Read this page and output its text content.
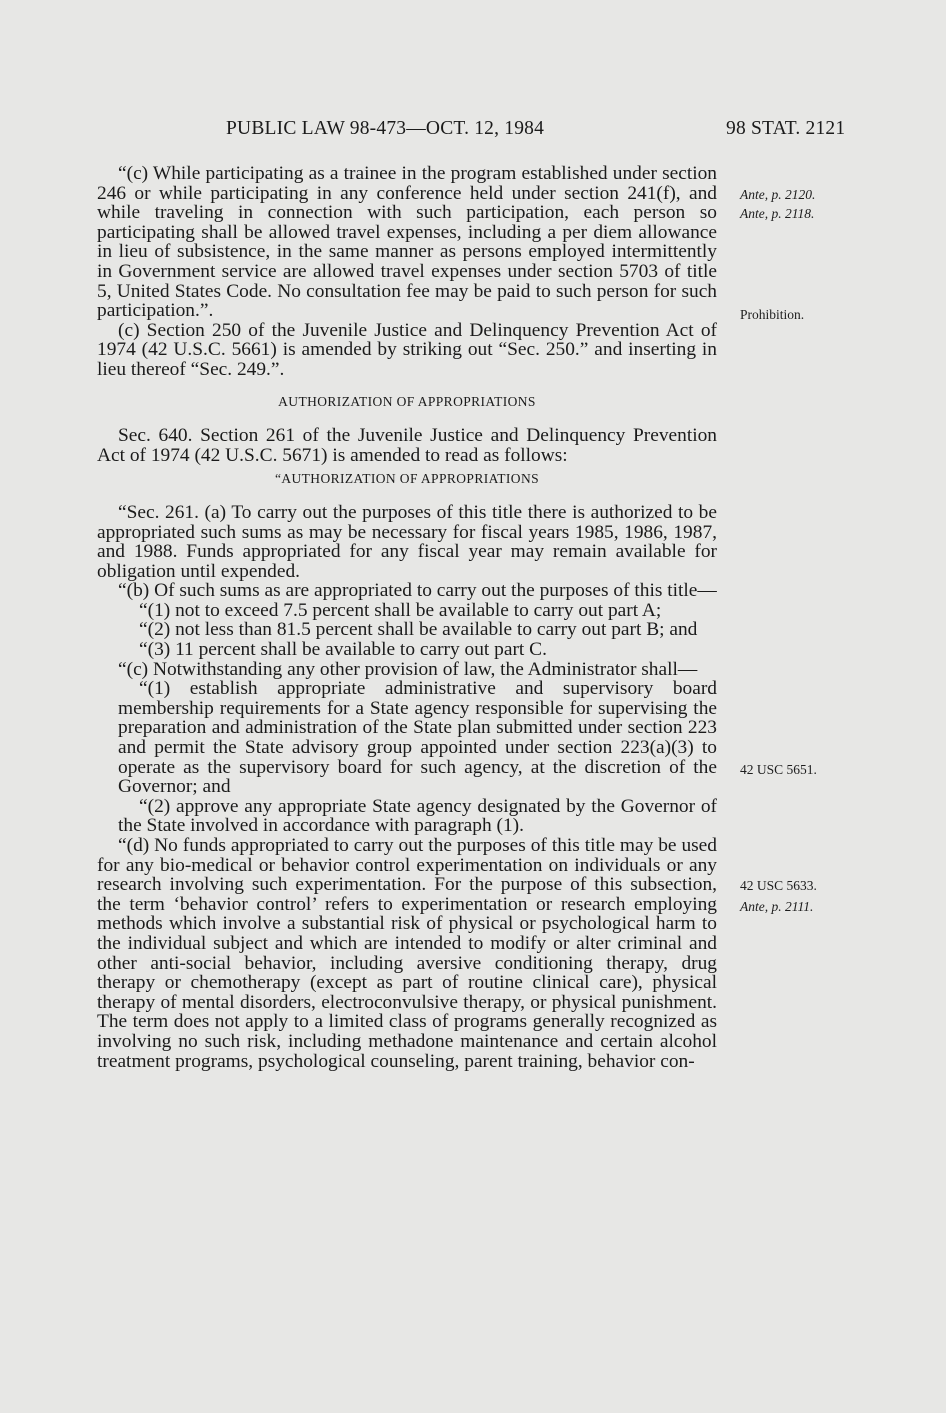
PUBLIC LAW 98-473—OCT. 12, 1984	98 STAT. 2121
Ante, p. 2120.
Ante, p. 2118.
Prohibition.
42 USC 5651.
42 USC 5633.
Ante, p. 2111.

“(c) While participating as a trainee in the program established under section 246 or while participating in any conference held under section 241(f), and while traveling in connection with such participation, each person so participating shall be allowed travel expenses, including a per diem allowance in lieu of subsistence, in the same manner as persons employed intermittently in Government service are allowed travel expenses under section 5703 of title 5, United States Code. No consultation fee may be paid to such person for such participation.”.

(c) Section 250 of the Juvenile Justice and Delinquency Prevention Act of 1974 (42 U.S.C. 5661) is amended by striking out “Sec. 250.” and inserting in lieu thereof “Sec. 249.”.

AUTHORIZATION OF APPROPRIATIONS

Sec. 640. Section 261 of the Juvenile Justice and Delinquency Prevention Act of 1974 (42 U.S.C. 5671) is amended to read as follows:

“AUTHORIZATION OF APPROPRIATIONS

“Sec. 261. (a) To carry out the purposes of this title there is authorized to be appropriated such sums as may be necessary for fiscal years 1985, 1986, 1987, and 1988. Funds appropriated for any fiscal year may remain available for obligation until expended.

“(b) Of such sums as are appropriated to carry out the purposes of this title—

“(1) not to exceed 7.5 percent shall be available to carry out part A;

“(2) not less than 81.5 percent shall be available to carry out part B; and

“(3) 11 percent shall be available to carry out part C.

“(c) Notwithstanding any other provision of law, the Administrator shall—

“(1) establish appropriate administrative and supervisory board membership requirements for a State agency responsible for supervising the preparation and administration of the State plan submitted under section 223 and permit the State advisory group appointed under section 223(a)(3) to operate as the supervisory board for such agency, at the discretion of the Governor; and

“(2) approve any appropriate State agency designated by the Governor of the State involved in accordance with paragraph (1).

“(d) No funds appropriated to carry out the purposes of this title may be used for any bio-medical or behavior control experimentation on individuals or any research involving such experimentation. For the purpose of this subsection, the term ‘behavior control’ refers to experimentation or research employing methods which involve a substantial risk of physical or psychological harm to the individual subject and which are intended to modify or alter criminal and other anti-social behavior, including aversive conditioning therapy, drug therapy or chemotherapy (except as part of routine clinical care), physical therapy of mental disorders, electroconvulsive therapy, or physical punishment. The term does not apply to a limited class of programs generally recognized as involving no such risk, including methadone maintenance and certain alcohol treatment programs, psychological counseling, parent training, behavior con-
